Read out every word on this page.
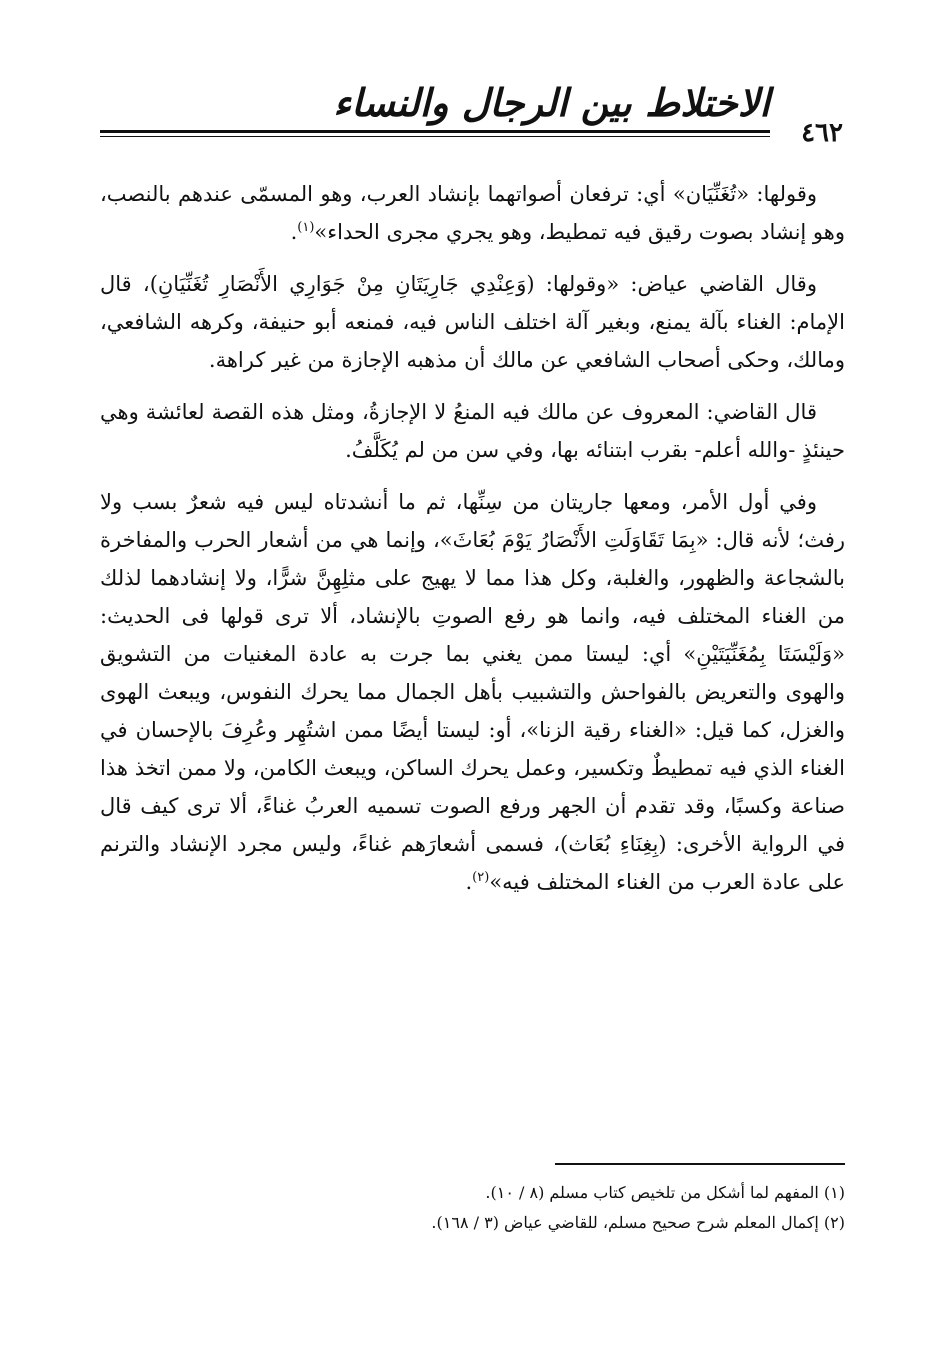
الاختلاط بين الرجال والنساء
٤٦٢

وقولها: «تُغَنِّيَان» أي: ترفعان أصواتهما بإنشاد العرب، وهو المسمّى عندهم بالنصب، وهو إنشاد بصوت رقيق فيه تمطيط، وهو يجري مجرى الحداء»$^{(١)}$.

وقال القاضي عياض: «وقولها: (وَعِنْدِي جَارِيَتَانِ مِنْ جَوَارِي الأَنْصَارِ تُغَنِّيَانِ)، قال الإمام: الغناء بآلة يمنع، وبغير آلة اختلف الناس فيه، فمنعه أبو حنيفة، وكرهه الشافعي، ومالك، وحكى أصحاب الشافعي عن مالك أن مذهبه الإجازة من غير كراهة.

قال القاضي: المعروف عن مالك فيه المنعُ لا الإجازةُ، ومثل هذه القصة لعائشة وهي حينئذٍ -والله أعلم- بقرب ابتنائه بها، وفي سن من لم يُكَلَّفُ.

وفي أول الأمر، ومعها جاريتان من سِنِّها، ثم ما أنشدتاه ليس فيه شعرٌ بسب ولا رفث؛ لأنه قال: «بِمَا تَقَاوَلَتِ الأَنْصَارُ يَوْمَ بُعَاثَ»، وإنما هي من أشعار الحرب والمفاخرة بالشجاعة والظهور، والغلبة، وكل هذا مما لا يهيج على مثلِهِنَّ شرًّا، ولا إنشادهما لذلك من الغناء المختلف فيه، وانما هو رفع الصوتِ بالإنشاد، ألا ترى قولها فى الحديث: «وَلَيْسَتَا بِمُغَنِّيَتَيْنِ» أي: ليستا ممن يغني بما جرت به عادة المغنيات من التشويق والهوى والتعريض بالفواحش والتشبيب بأهل الجمال مما يحرك النفوس، ويبعث الهوى والغزل، كما قيل: «الغناء رقية الزنا»، أو: ليستا أيضًا ممن اشتُهِر وعُرِفَ بالإحسان في الغناء الذي فيه تمطيطٌ وتكسير، وعمل يحرك الساكن، ويبعث الكامن، ولا ممن اتخذ هذا صناعة وكسبًا، وقد تقدم أن الجهر ورفع الصوت تسميه العربُ غناءً، ألا ترى كيف قال في الرواية الأخرى: (بِغِنَاءِ بُعَاث)، فسمى أشعارَهم غناءً، وليس مجرد الإنشاد والترنم على عادة العرب من الغناء المختلف فيه»$^{(٢)}$.

(١) المفهم لما أشكل من تلخيص كتاب مسلم (٨ / ١٠).
(٢) إكمال المعلم شرح صحيح مسلم، للقاضي عياض (٣ / ١٦٨).
